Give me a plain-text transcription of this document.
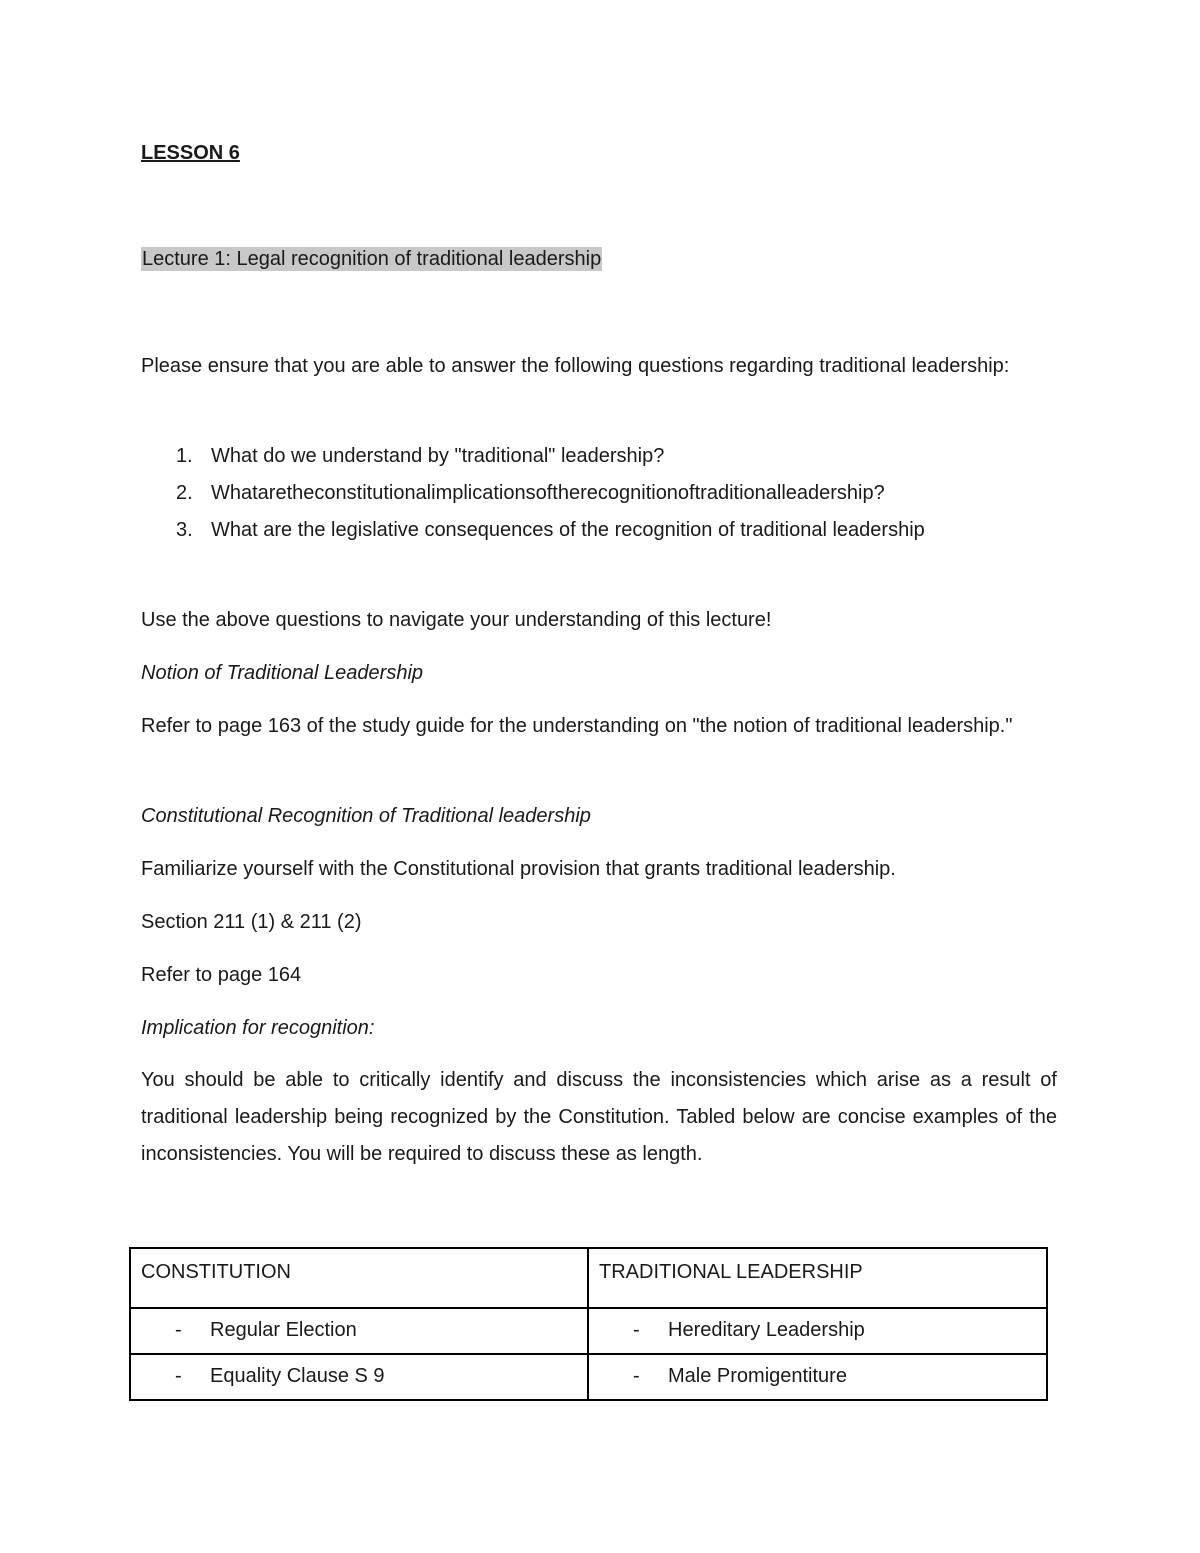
LESSON 6

Lecture 1: Legal recognition of traditional leadership

Please ensure that you are able to answer the following questions regarding traditional leadership:

1. What do we understand by "traditional" leadership?
2. Whataretheconstitutionalimplicationsoftherecognitionoftraditionalleadership?
3. What are the legislative consequences of the recognition of traditional leadership

Use the above questions to navigate your understanding of this lecture!

Notion of Traditional Leadership

Refer to page 163 of the study guide for the understanding on "the notion of traditional leadership."

Constitutional Recognition of Traditional leadership

Familiarize yourself with the Constitutional provision that grants traditional leadership.

Section 211 (1) & 211 (2)

Refer to page 164

Implication for recognition:

You should be able to critically identify and discuss the inconsistencies which arise as a result of traditional leadership being recognized by the Constitution. Tabled below are concise examples of the inconsistencies. You will be required to discuss these as length.

CONSTITUTION	TRADITIONAL LEADERSHIP
- Regular Election	- Hereditary Leadership
- Equality Clause S 9	- Male Promigentiture
